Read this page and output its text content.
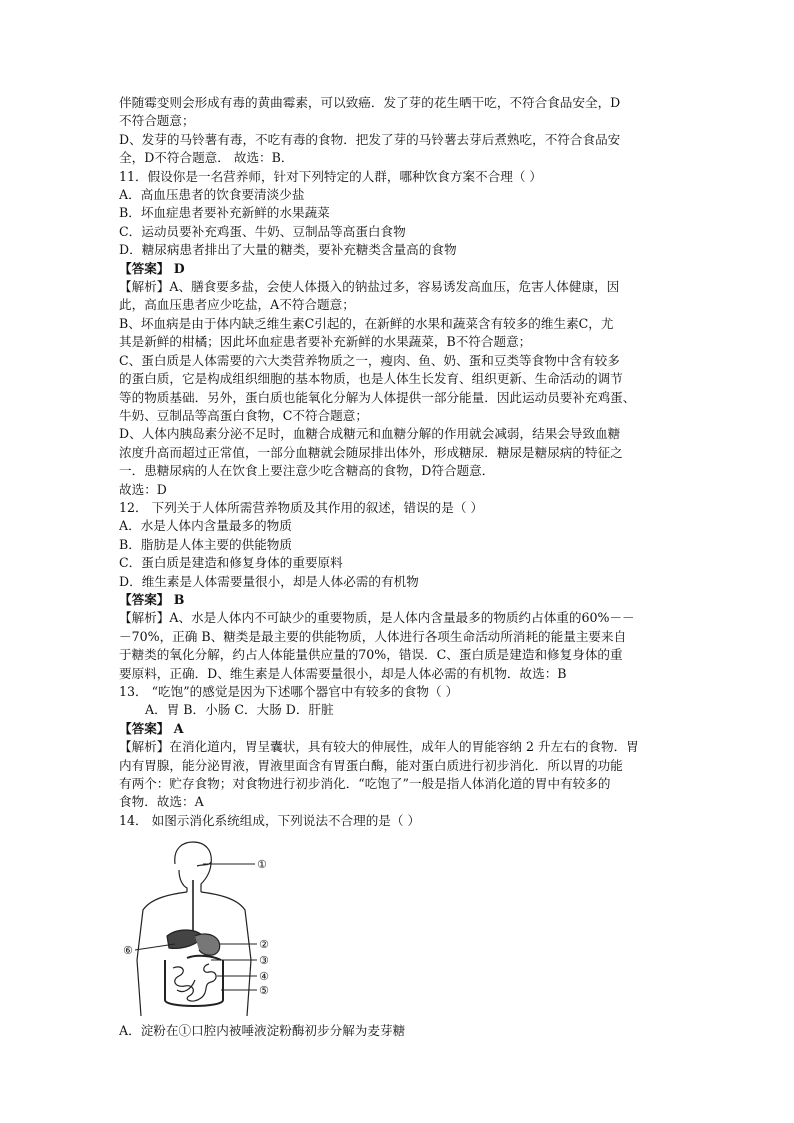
伴随霉变则会形成有毒的黄曲霉素，可以致癌．发了芽的花生晒干吃，不符合食品安全，D
不符合题意；
D、发芽的马铃薯有毒，不吃有毒的食物．把发了芽的马铃薯去芽后煮熟吃，不符合食品安
全，D不符合题意． 故选：B．
11．假设你是一名营养师，针对下列特定的人群，哪种饮食方案不合理（ ）
A．高血压患者的饮食要清淡少盐
B．坏血症患者要补充新鲜的水果蔬菜
C．运动员要补充鸡蛋、牛奶、豆制品等高蛋白食物
D．糖尿病患者排出了大量的糖类，要补充糖类含量高的食物
【答案】 D
【解析】A、膳食要多盐，会使人体摄入的钠盐过多，容易诱发高血压，危害人体健康，因
此，高血压患者应少吃盐，A不符合题意；
B、坏血病是由于体内缺乏维生素C引起的，在新鲜的水果和蔬菜含有较多的维生素C，尤
其是新鲜的柑橘；因此坏血症患者要补充新鲜的水果蔬菜，B不符合题意；
C、蛋白质是人体需要的六大类营养物质之一，瘦肉、鱼、奶、蛋和豆类等食物中含有较多
的蛋白质，它是构成组织细胞的基本物质，也是人体生长发育、组织更新、生命活动的调节
等的物质基础．另外，蛋白质也能氧化分解为人体提供一部分能量．因此运动员要补充鸡蛋、
牛奶、豆制品等高蛋白食物，C不符合题意；
D、人体内胰岛素分泌不足时，血糖合成糖元和血糖分解的作用就会减弱，结果会导致血糖
浓度升高而超过正常值，一部分血糖就会随尿排出体外，形成糖尿．糖尿是糖尿病的特征之
一．患糖尿病的人在饮食上要注意少吃含糖高的食物，D符合题意．
故选：D
12． 下列关于人体所需营养物质及其作用的叙述，错误的是（ ）
A．水是人体内含量最多的物质
B．脂肪是人体主要的供能物质
C．蛋白质是建造和修复身体的重要原料
D．维生素是人体需要量很小，却是人体必需的有机物
【答案】 B
【解析】A、水是人体内不可缺少的重要物质，是人体内含量最多的物质约占体重的60%－－
－70%，正确 B、糖类是最主要的供能物质，人体进行各项生命活动所消耗的能量主要来自
于糖类的氧化分解，约占人体能量供应量的70%，错误．C、蛋白质是建造和修复身体的重
要原料，正确．D、维生素是人体需要量很小，却是人体必需的有机物．故选：B
13． “吃饱”的感觉是因为下述哪个器官中有较多的食物（ ）
A．胃 B．小肠 C．大肠 D．肝脏
【答案】 A
【解析】在消化道内，胃呈囊状，具有较大的伸展性，成年人的胃能容纳 2 升左右的食物．胃
内有胃腺，能分泌胃液，胃液里面含有胃蛋白酶，能对蛋白质进行初步消化．所以胃的功能
有两个：贮存食物；对食物进行初步消化．“吃饱了”一般是指人体消化道的胃中有较多的
食物．故选：A
14． 如图示消化系统组成，下列说法不合理的是（ ）
①
②
③
④
⑤
⑥
A．淀粉在①口腔内被唾液淀粉酶初步分解为麦芽糖
